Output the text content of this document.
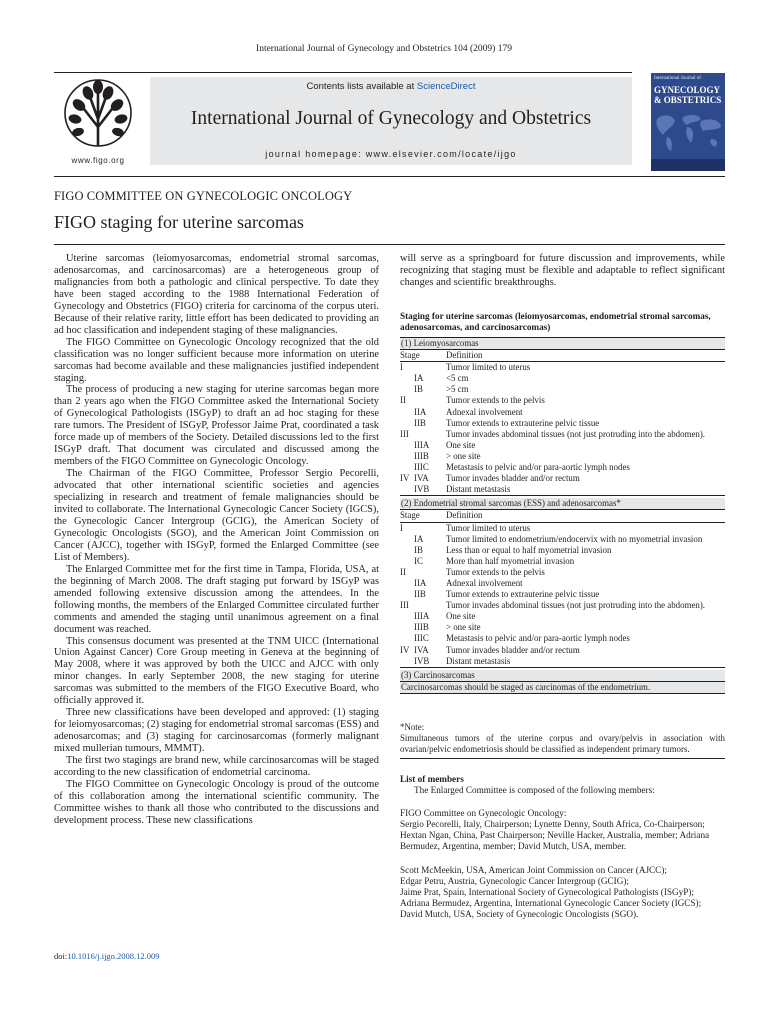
International Journal of Gynecology and Obstetrics 104 (2009) 179
www.figo.org
Contents lists available at ScienceDirect
International Journal of Gynecology and Obstetrics
journal homepage: www.elsevier.com/locate/ijgo
International Journal of
GYNECOLOGY & OBSTETRICS
FIGO COMMITTEE ON GYNECOLOGIC ONCOLOGY
FIGO staging for uterine sarcomas

Uterine sarcomas (leiomyosarcomas, endometrial stromal sarcomas, adenosarcomas, and carcinosarcomas) are a heterogeneous group of malignancies from both a pathologic and clinical perspective. To date they have been staged according to the 1988 International Federation of Gynecology and Obstetrics (FIGO) criteria for carcinoma of the corpus uteri. Because of their relative rarity, little effort has been dedicated to providing an ad hoc classification and independent staging of these malignancies.

The FIGO Committee on Gynecologic Oncology recognized that the old classification was no longer sufficient because more information on uterine sarcomas had become available and these malignancies justified independent staging.

The process of producing a new staging for uterine sarcomas began more than 2 years ago when the FIGO Committee asked the International Society of Gynecological Pathologists (ISGyP) to draft an ad hoc staging for these rare tumors. The President of ISGyP, Professor Jaime Prat, coordinated a task force made up of members of the Society. Detailed discussions led to the first ISGyP draft. That document was circulated and discussed among the members of the FIGO Committee on Gynecologic Oncology.

The Chairman of the FIGO Committee, Professor Sergio Pecorelli, advocated that other international scientific societies and agencies specializing in research and treatment of female malignancies should be invited to collaborate. The International Gynecologic Cancer Society (IGCS), the Gynecologic Cancer Intergroup (GCIG), the American Society of Gynecologic Oncologists (SGO), and the American Joint Commission on Cancer (AJCC), together with ISGyP, formed the Enlarged Committee (see List of Members).

The Enlarged Committee met for the first time in Tampa, Florida, USA, at the beginning of March 2008. The draft staging put forward by ISGyP was amended following extensive discussion among the attendees. In the following months, the members of the Enlarged Committee circulated further comments and amended the staging until unanimous agreement on a final document was reached.

This consensus document was presented at the TNM UICC (International Union Against Cancer) Core Group meeting in Geneva at the beginning of May 2008, where it was approved by both the UICC and AJCC with only minor changes. In early September 2008, the new staging for uterine sarcomas was submitted to the members of the FIGO Executive Board, who officially approved it.

Three new classifications have been developed and approved: (1) staging for leiomyosarcomas; (2) staging for endometrial stromal sarcomas (ESS) and adenosarcomas; and (3) staging for carcinosarcomas (formerly malignant mixed mullerian tumours, MMMT).

The first two stagings are brand new, while carcinosarcomas will be staged according to the new classification of endometrial carcinoma.

The FIGO Committee on Gynecologic Oncology is proud of the outcome of this collaboration among the international scientific community. The Committee wishes to thank all those who contributed to the discussions and development process. These new classifications

will serve as a springboard for future discussion and improvements, while recognizing that staging must be flexible and adaptable to reflect significant changes and scientific breakthroughs.

Staging for uterine sarcomas (leiomyosarcomas, endometrial stromal sarcomas, adenosarcomas, and carcinosarcomas)
(1) Leiomyosarcomas
Stage	Definition
I	Tumor limited to uterus
IA	<5 cm
IB	>5 cm
II	Tumor extends to the pelvis
IIA	Adnexal involvement
IIB	Tumor extends to extrauterine pelvic tissue
III	Tumor invades abdominal tissues (not just protruding into the abdomen).
IIIA	One site
IIIB	> one site
IIIC	Metastasis to pelvic and/or para-aortic lymph nodes
IV IVA	Tumor invades bladder and/or rectum
IVB	Distant metastasis
(2) Endometrial stromal sarcomas (ESS) and adenosarcomas*
Stage	Definition
I	Tumor limited to uterus
IA	Tumor limited to endometrium/endocervix with no myometrial invasion
IB	Less than or equal to half myometrial invasion
IC	More than half myometrial invasion
II	Tumor extends to the pelvis
IIA	Adnexal involvement
IIB	Tumor extends to extrauterine pelvic tissue
III	Tumor invades abdominal tissues (not just protruding into the abdomen).
IIIA	One site
IIIB	> one site
IIIC	Metastasis to pelvic and/or para-aortic lymph nodes
IV IVA	Tumor invades bladder and/or rectum
IVB	Distant metastasis
(3) Carcinosarcomas
Carcinosarcomas should be staged as carcinomas of the endometrium.
*Note:
Simultaneous tumors of the uterine corpus and ovary/pelvis in association with ovarian/pelvic endometriosis should be classified as independent primary tumors.

List of members

The Enlarged Committee is composed of the following members:

FIGO Committee on Gynecologic Oncology:

Sergio Pecorelli, Italy, Chairperson; Lynette Denny, South Africa, Co-Chairperson; Hextan Ngan, China, Past Chairperson; Neville Hacker, Australia, member; Adriana Bermudez, Argentina, member; David Mutch, USA, member.

Scott McMeekin, USA, American Joint Commission on Cancer (AJCC);

Edgar Petru, Austria, Gynecologic Cancer Intergroup (GCIG);

Jaime Prat, Spain, International Society of Gynecological Pathologists (ISGyP);

Adriana Bermudez, Argentina, International Gynecologic Cancer Society (IGCS);

David Mutch, USA, Society of Gynecologic Oncologists (SGO).

doi:10.1016/j.ijgo.2008.12.009
